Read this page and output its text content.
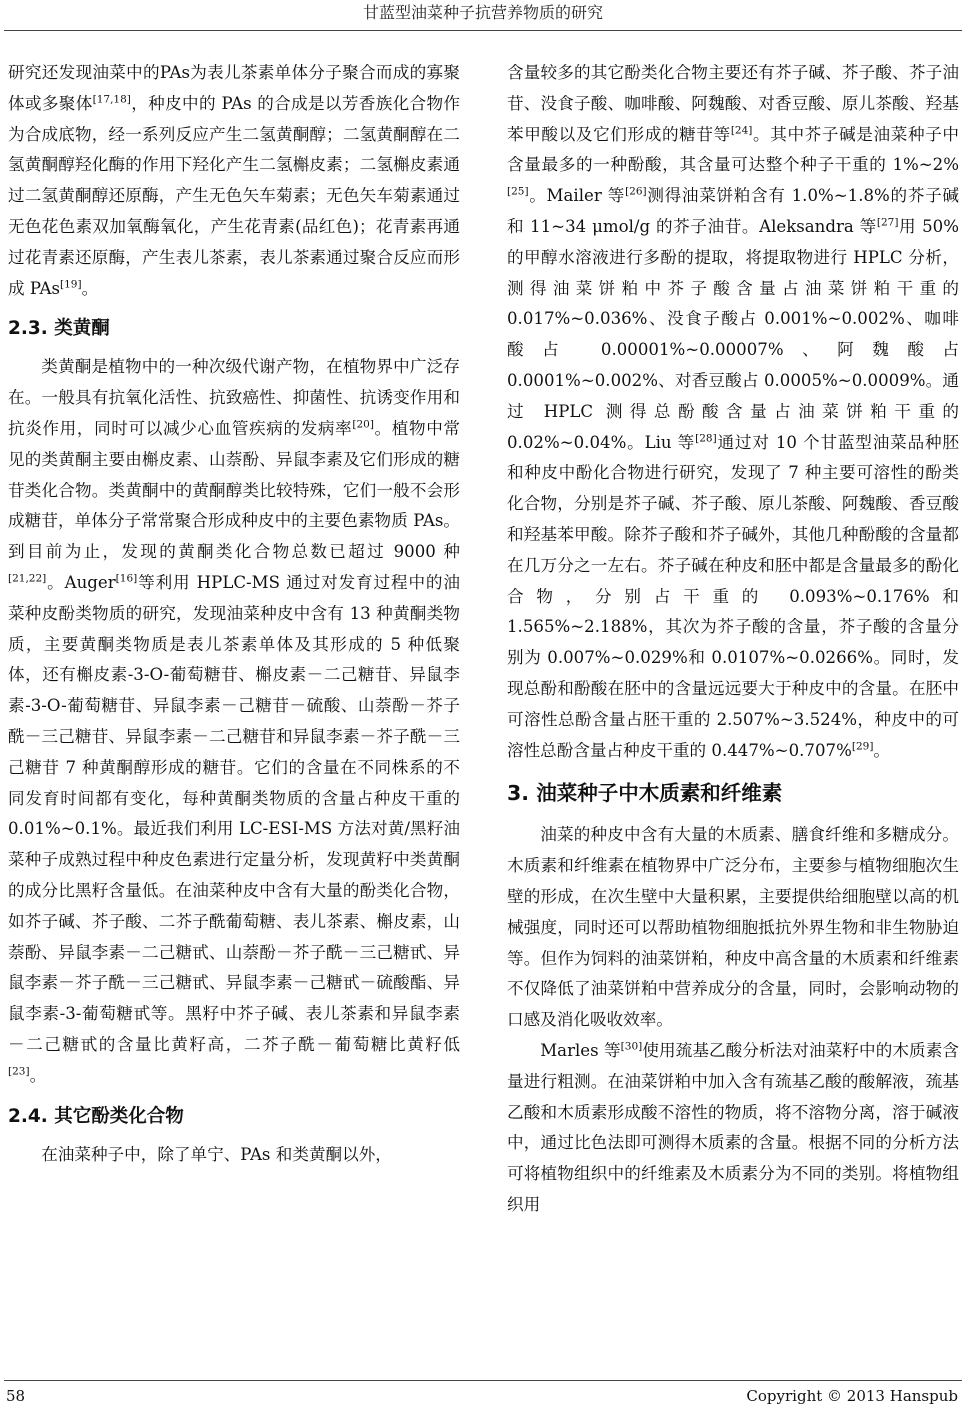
甘蓝型油菜种子抗营养物质的研究

研究还发现油菜中的PAs为表儿茶素单体分子聚合而成的寡聚体或多聚体[17,18]，种皮中的 PAs 的合成是以芳香族化合物作为合成底物，经一系列反应产生二氢黄酮醇；二氢黄酮醇在二氢黄酮醇羟化酶的作用下羟化产生二氢槲皮素；二氢槲皮素通过二氢黄酮醇还原酶，产生无色矢车菊素；无色矢车菊素通过无色花色素双加氧酶氧化，产生花青素(品红色)；花青素再通过花青素还原酶，产生表儿茶素，表儿茶素通过聚合反应而形成 PAs[19]。

2.3. 类黄酮

类黄酮是植物中的一种次级代谢产物，在植物界中广泛存在。一般具有抗氧化活性、抗致癌性、抑菌性、抗诱变作用和抗炎作用，同时可以减少心血管疾病的发病率[20]。植物中常见的类黄酮主要由槲皮素、山萘酚、异鼠李素及它们形成的糖苷类化合物。类黄酮中的黄酮醇类比较特殊，它们一般不会形成糖苷，单体分子常常聚合形成种皮中的主要色素物质 PAs。到目前为止，发现的黄酮类化合物总数已超过 9000 种[21,22]。Auger[16]等利用 HPLC-MS 通过对发育过程中的油菜种皮酚类物质的研究，发现油菜种皮中含有 13 种黄酮类物质，主要黄酮类物质是表儿茶素单体及其形成的 5 种低聚体，还有槲皮素-3-O-葡萄糖苷、槲皮素－二己糖苷、异鼠李素-3-O-葡萄糖苷、异鼠李素－己糖苷－硫酸、山萘酚－芥子酰－三己糖苷、异鼠李素－二己糖苷和异鼠李素－芥子酰－三己糖苷 7 种黄酮醇形成的糖苷。它们的含量在不同株系的不同发育时间都有变化，每种黄酮类物质的含量占种皮干重的 0.01%~0.1%。最近我们利用 LC-ESI-MS 方法对黄/黑籽油菜种子成熟过程中种皮色素进行定量分析，发现黄籽中类黄酮的成分比黑籽含量低。在油菜种皮中含有大量的酚类化合物，如芥子碱、芥子酸、二芥子酰葡萄糖、表儿茶素、槲皮素，山萘酚、异鼠李素－二己糖甙、山萘酚－芥子酰－三己糖甙、异鼠李素－芥子酰－三己糖甙、异鼠李素－己糖甙－硫酸酯、异鼠李素-3-葡萄糖甙等。黑籽中芥子碱、表儿茶素和异鼠李素－二己糖甙的含量比黄籽高，二芥子酰－葡萄糖比黄籽低[23]。

2.4. 其它酚类化合物

在油菜种子中，除了单宁、PAs 和类黄酮以外，

含量较多的其它酚类化合物主要还有芥子碱、芥子酸、芥子油苷、没食子酸、咖啡酸、阿魏酸、对香豆酸、原儿茶酸、羟基苯甲酸以及它们形成的糖苷等[24]。其中芥子碱是油菜种子中含量最多的一种酚酸，其含量可达整个种子干重的 1%~2%[25]。Mailer 等[26]测得油菜饼粕含有 1.0%~1.8%的芥子碱和 11~34 μmol/g 的芥子油苷。Aleksandra 等[27]用 50%的甲醇水溶液进行多酚的提取，将提取物进行 HPLC 分析，测得油菜饼粕中芥子酸含量占油菜饼粕干重的 0.017%~0.036%、没食子酸占 0.001%~0.002%、咖啡酸占 0.00001%~0.00007%、阿魏酸占 0.0001%~0.002%、对香豆酸占 0.0005%~0.0009%。通过 HPLC 测得总酚酸含量占油菜饼粕干重的 0.02%~0.04%。Liu 等[28]通过对 10 个甘蓝型油菜品种胚和种皮中酚化合物进行研究，发现了 7 种主要可溶性的酚类化合物，分别是芥子碱、芥子酸、原儿茶酸、阿魏酸、香豆酸和羟基苯甲酸。除芥子酸和芥子碱外，其他几种酚酸的含量都在几万分之一左右。芥子碱在种皮和胚中都是含量最多的酚化合物，分别占干重的 0.093%~0.176%和 1.565%~2.188%，其次为芥子酸的含量，芥子酸的含量分别为 0.007%~0.029%和 0.0107%~0.0266%。同时，发现总酚和酚酸在胚中的含量远远要大于种皮中的含量。在胚中可溶性总酚含量占胚干重的 2.507%~3.524%，种皮中的可溶性总酚含量占种皮干重的 0.447%~0.707%[29]。

3. 油菜种子中木质素和纤维素

油菜的种皮中含有大量的木质素、膳食纤维和多糖成分。木质素和纤维素在植物界中广泛分布，主要参与植物细胞次生壁的形成，在次生壁中大量积累，主要提供给细胞壁以高的机械强度，同时还可以帮助植物细胞抵抗外界生物和非生物胁迫等。但作为饲料的油菜饼粕，种皮中高含量的木质素和纤维素不仅降低了油菜饼粕中营养成分的含量，同时，会影响动物的口感及消化吸收效率。

Marles 等[30]使用巯基乙酸分析法对油菜籽中的木质素含量进行粗测。在油菜饼粕中加入含有巯基乙酸的酸解液，巯基乙酸和木质素形成酸不溶性的物质，将不溶物分离，溶于碱液中，通过比色法即可测得木质素的含量。根据不同的分析方法可将植物组织中的纤维素及木质素分为不同的类别。将植物组织用

58	Copyright © 2013 Hanspub
